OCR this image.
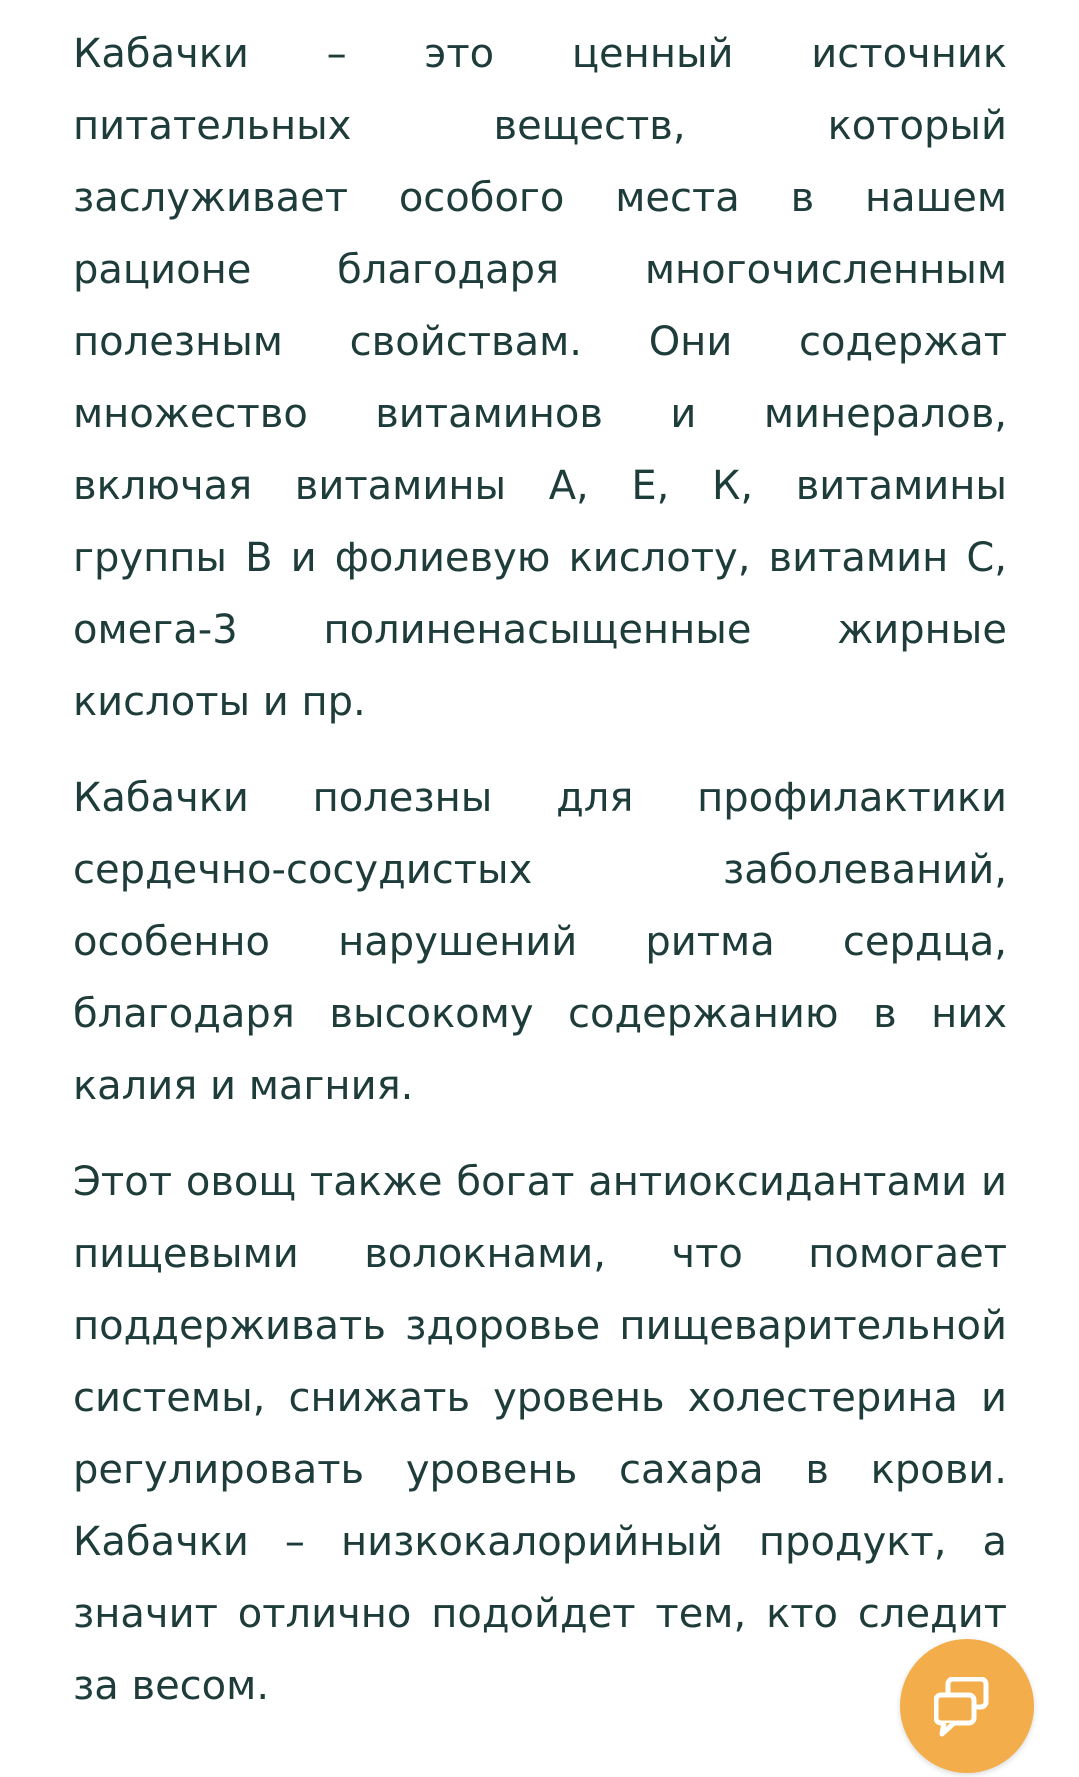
Кабачки – это ценный источник питательных веществ, который заслуживает особого места в нашем рационе благодаря многочисленным полезным свойствам. Они содержат множество витаминов и минералов, включая витамины А, Е, К, витамины группы В и фолиевую кислоту, витамин С, омега-3 полиненасыщенные жирные кислоты и пр.

Кабачки полезны для профилактики сердечно-сосудистых заболеваний, особенно нарушений ритма сердца, благодаря высокому содержанию в них калия и магния.

Этот овощ также богат антиоксидантами и пищевыми волокнами, что помогает поддерживать здоровье пищеварительной системы, снижать уровень холестерина и регулировать уровень сахара в крови. Кабачки – низкокалорийный продукт, а значит отлично подойдет тем, кто следит за весом.
